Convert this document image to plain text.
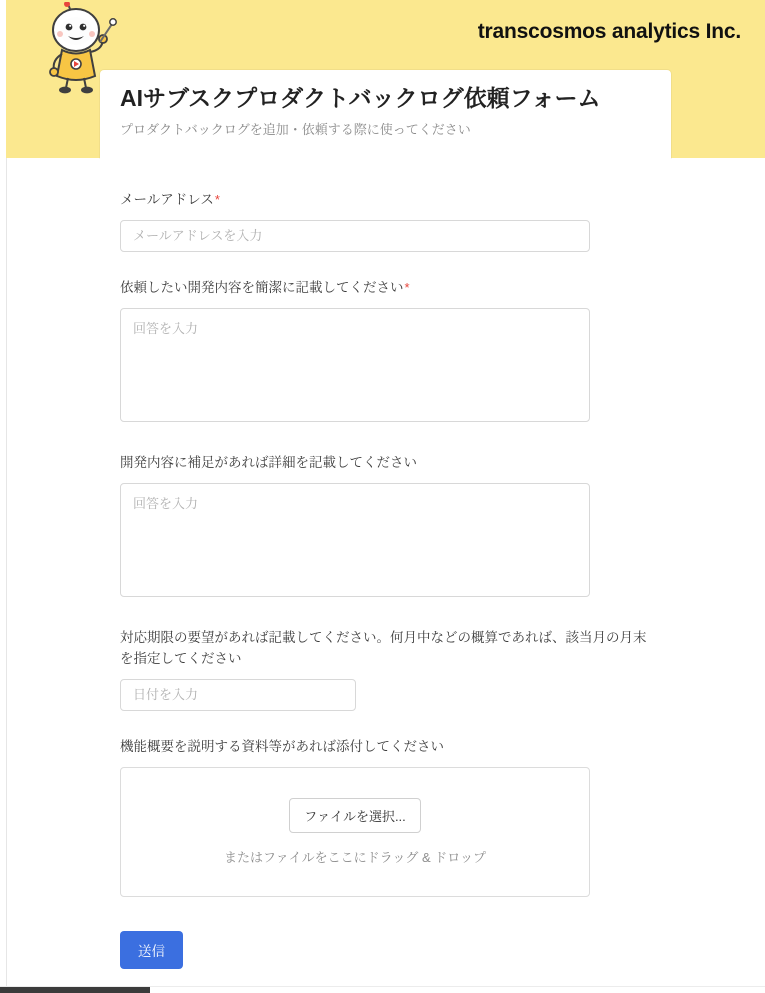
transcosmos analytics Inc.
AIサブスクプロダクトバックログ依頼フォーム

プロダクトバックログを追加・依頼する際に使ってください

メールアドレス*
メールアドレスを入力
依頼したい開発内容を簡潔に記載してください*
回答を入力
開発内容に補足があれば詳細を記載してください
回答を入力
対応期限の要望があれば記載してください。何月中などの概算であれば、該当月の月末を指定してください
日付を入力
機能概要を説明する資料等があれば添付してください
ファイルを選択...
またはファイルをここにドラッグ & ドロップ
送信
